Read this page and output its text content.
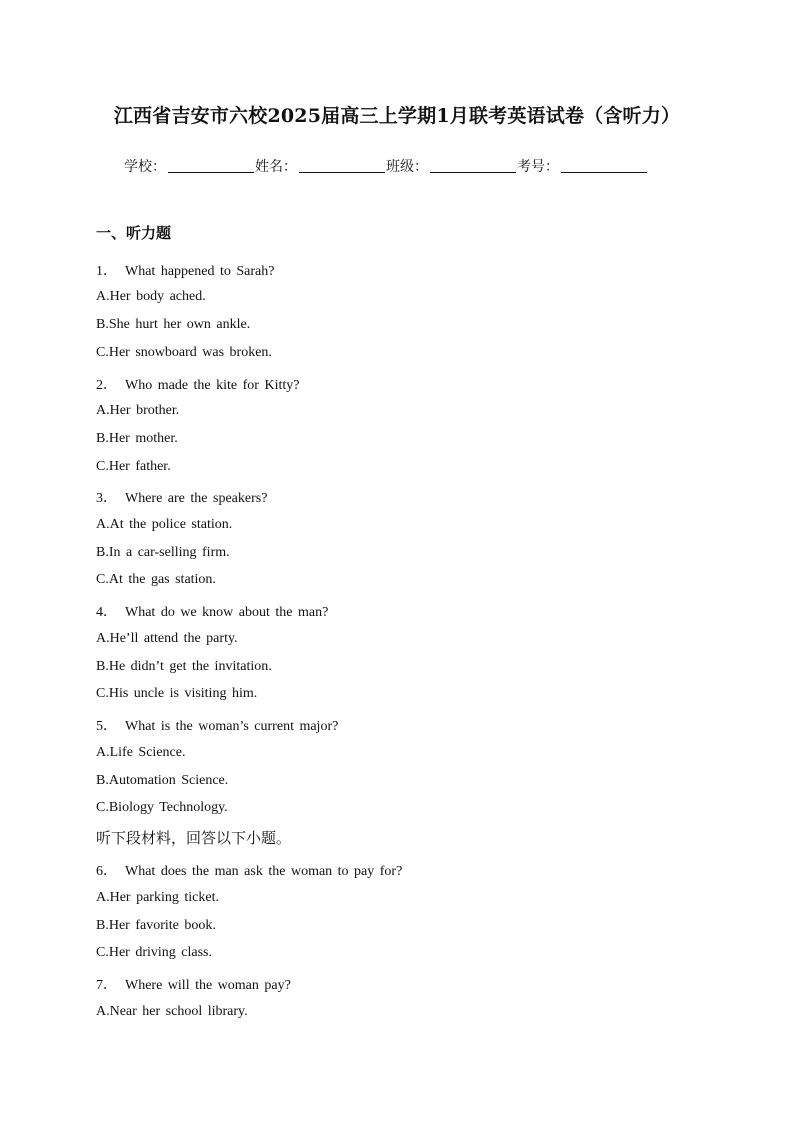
江西省吉安市六校2025届高三上学期1月联考英语试卷（含听力）
学校：	姓名：	班级：	考号：
一、听力题
1． What happened to Sarah?
A.Her body ached.
B.She hurt her own ankle.
C.Her snowboard was broken.
2． Who made the kite for Kitty?
A.Her brother.
B.Her mother.
C.Her father.
3． Where are the speakers?
A.At the police station.
B.In a car-selling firm.
C.At the gas station.
4． What do we know about the man?
A.He’ll attend the party.
B.He didn’t get the invitation.
C.His uncle is visiting him.
5． What is the woman’s current major?
A.Life Science.
B.Automation Science.
C.Biology Technology.
听下段材料，回答以下小题。
6． What does the man ask the woman to pay for?
A.Her parking ticket.
B.Her favorite book.
C.Her driving class.
7． Where will the woman pay?
A.Near her school library.
